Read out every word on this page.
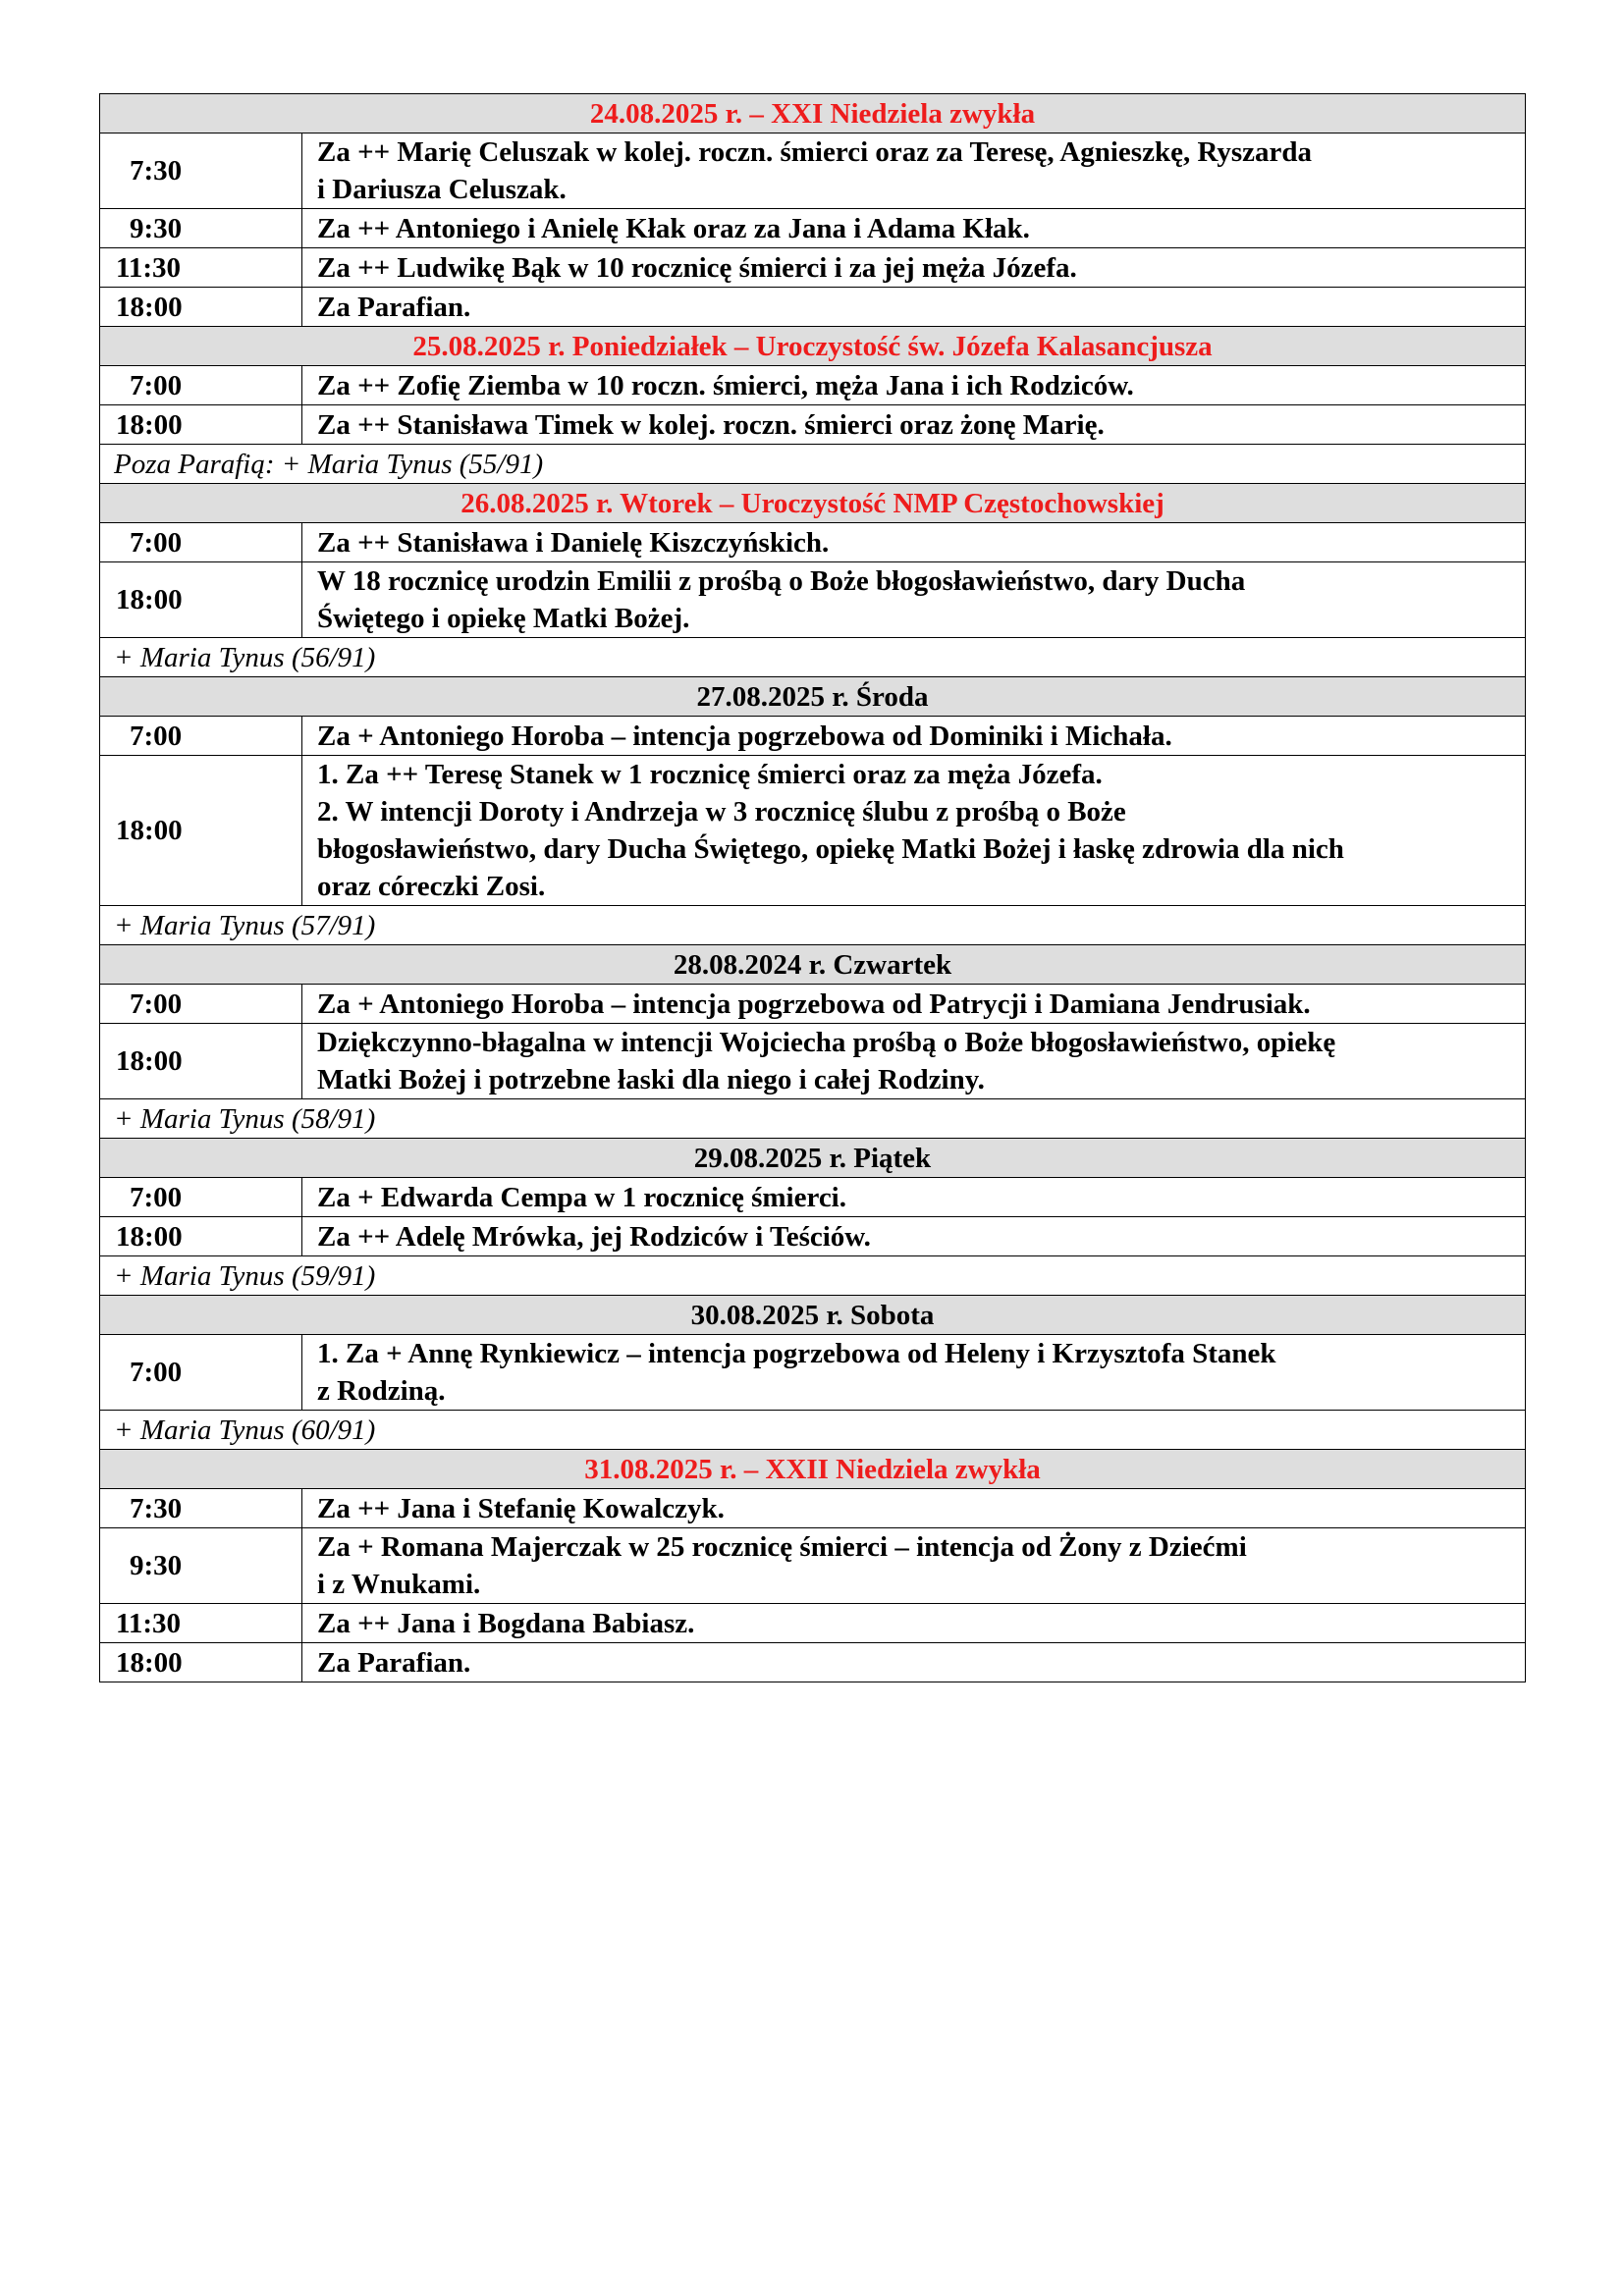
24.08.2025 r. – XXI Niedziela zwykła	
7:30	Za ++ Marię Celuszak w kolej. roczn. śmierci oraz za Teresę, Agnieszkę, Ryszarda
i Dariusza Celuszak.

9:30	Za ++ Antoniego i Anielę Kłak oraz za Jana i Adama Kłak.

11:30	Za ++ Ludwikę Bąk w 10 rocznicę śmierci i za jej męża Józefa.

18:00	Za Parafian.

25.08.2025 r. Poniedziałek – Uroczystość św. Józefa Kalasancjusza	
7:00	Za ++ Zofię Ziemba w 10 roczn. śmierci, męża Jana i ich Rodziców.

18:00	Za ++ Stanisława Timek w kolej. roczn. śmierci oraz żonę Marię.

Poza Parafią: + Maria Tynus (55/91)	
26.08.2025 r. Wtorek – Uroczystość NMP Częstochowskiej	
7:00	Za ++ Stanisława i Danielę Kiszczyńskich.

18:00	W 18 rocznicę urodzin Emilii z prośbą o Boże błogosławieństwo, dary Ducha
Świętego i opiekę Matki Bożej.

+ Maria Tynus (56/91)	
27.08.2025 r. Środa	
7:00	Za + Antoniego Horoba – intencja pogrzebowa od Dominiki i Michała.

18:00	1. Za ++ Teresę Stanek w 1 rocznicę śmierci oraz za męża Józefa.
2. W intencji Doroty i Andrzeja w 3 rocznicę ślubu z prośbą o Boże
błogosławieństwo, dary Ducha Świętego, opiekę Matki Bożej i łaskę zdrowia dla nich
oraz córeczki Zosi.

+ Maria Tynus (57/91)	
28.08.2024 r. Czwartek	
7:00	Za + Antoniego Horoba – intencja pogrzebowa od Patrycji i Damiana Jendrusiak.

18:00	Dziękczynno-błagalna w intencji Wojciecha prośbą o Boże błogosławieństwo, opiekę
Matki Bożej i potrzebne łaski dla niego i całej Rodziny.

+ Maria Tynus (58/91)	
29.08.2025 r. Piątek	
7:00	Za + Edwarda Cempa w 1 rocznicę śmierci.

18:00	Za ++ Adelę Mrówka, jej Rodziców i Teściów.

+ Maria Tynus (59/91)	
30.08.2025 r. Sobota	
7:00	1. Za + Annę Rynkiewicz – intencja pogrzebowa od Heleny i Krzysztofa Stanek
z Rodziną.

+ Maria Tynus (60/91)	
31.08.2025 r. – XXII Niedziela zwykła	
7:30	Za ++ Jana i Stefanię Kowalczyk.

9:30	Za + Romana Majerczak w 25 rocznicę śmierci – intencja od Żony z Dziećmi
i z Wnukami.

11:30	Za ++ Jana i Bogdana Babiasz.

18:00	Za Parafian.
